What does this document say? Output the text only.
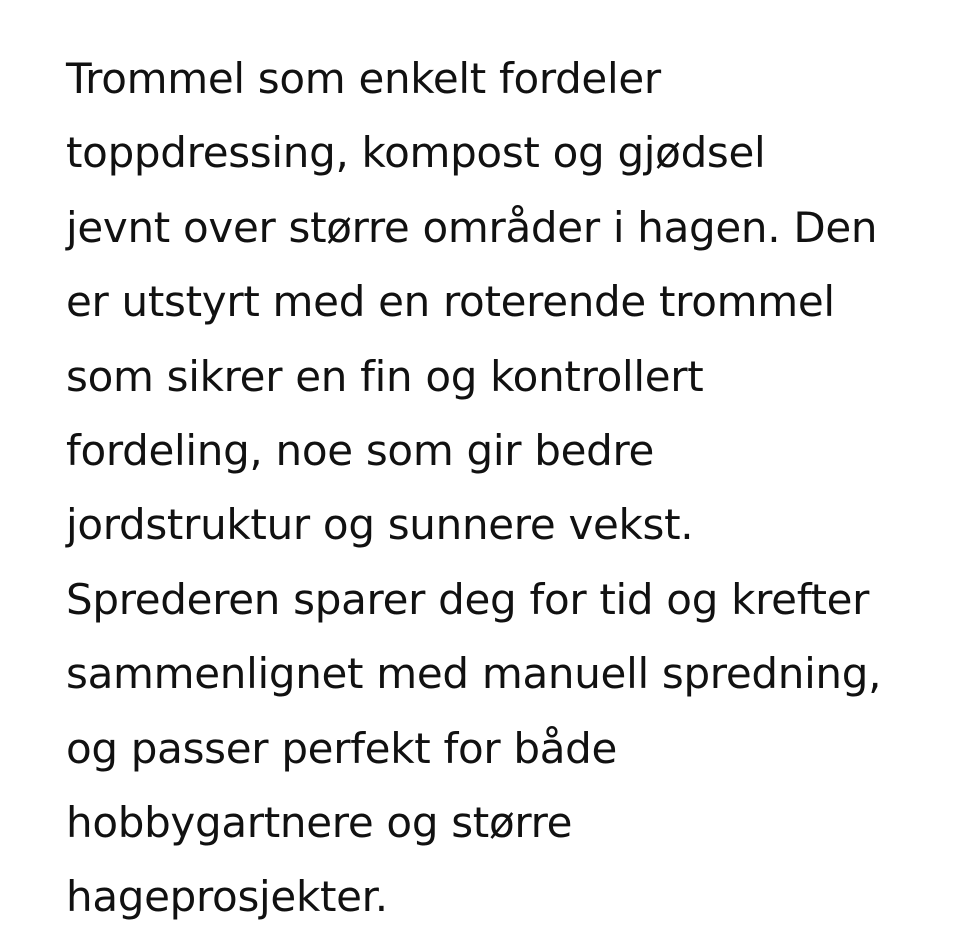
Trommel som enkelt fordeler
toppdressing, kompost og gjødsel
jevnt over større områder i hagen. Den
er utstyrt med en roterende trommel
som sikrer en fin og kontrollert
fordeling, noe som gir bedre
jordstruktur og sunnere vekst.
Sprederen sparer deg for tid og krefter
sammenlignet med manuell spredning,
og passer perfekt for både
hobbygartnere og større
hageprosjekter.
